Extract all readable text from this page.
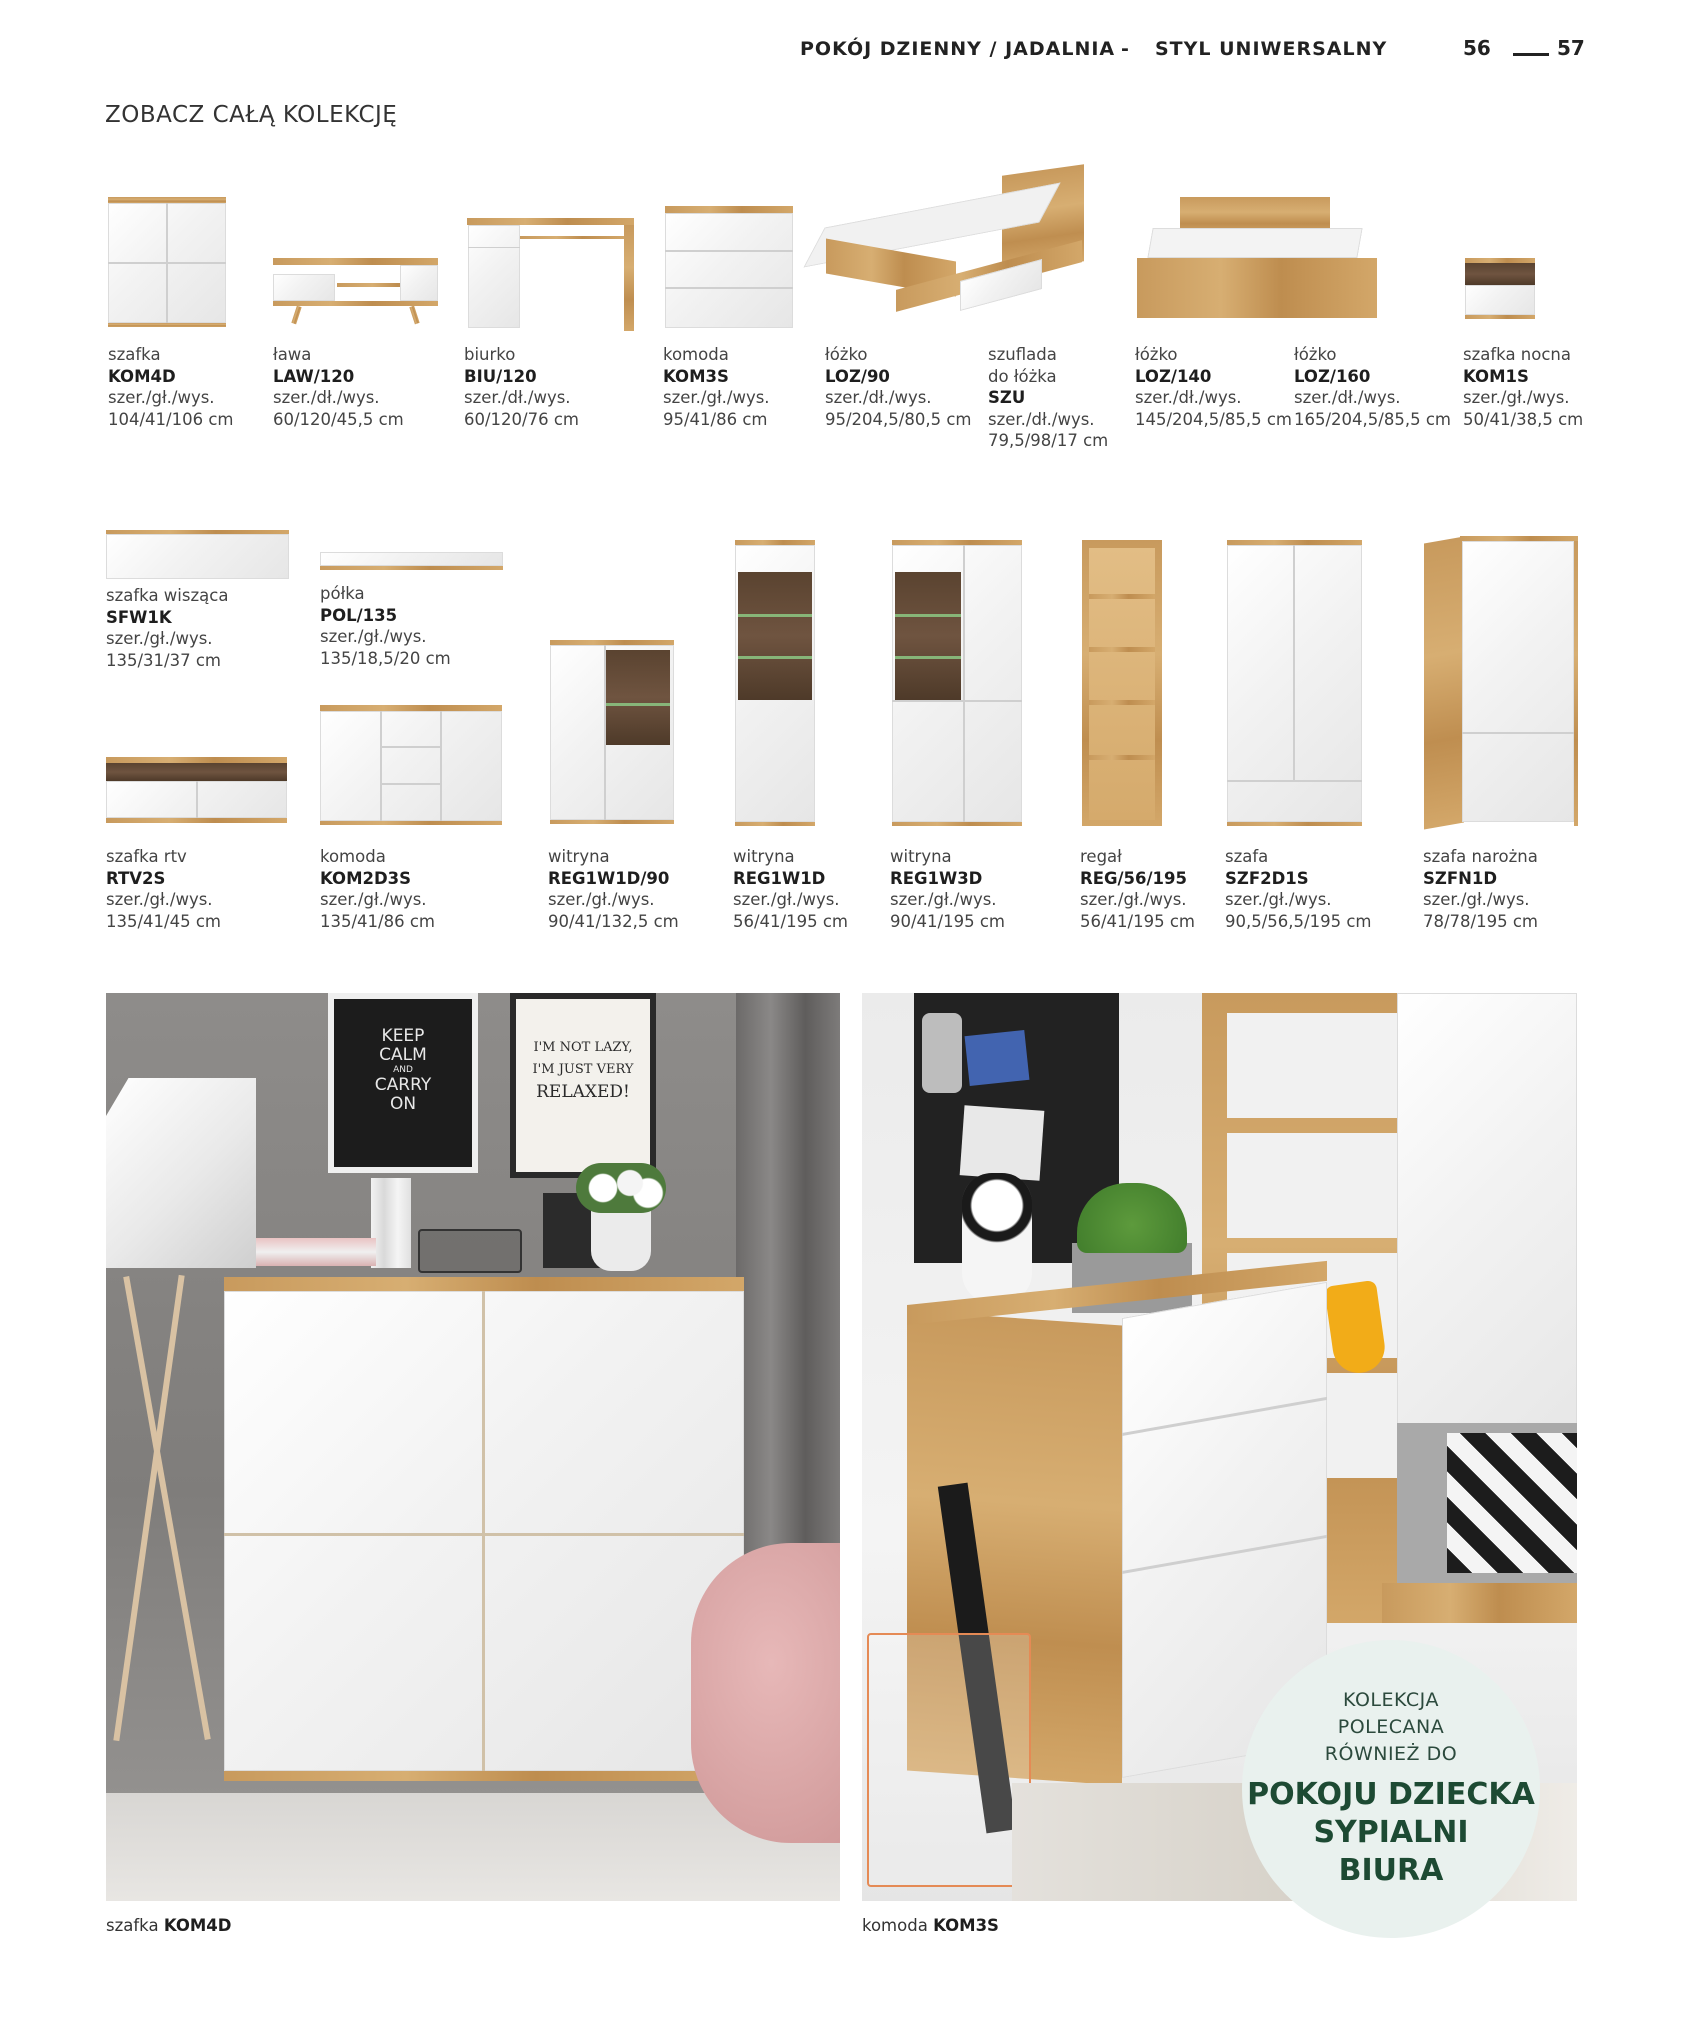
POKÓJ DZIENNY / JADALNIA - STYL UNIWERSALNY	56	57
ZOBACZ CAŁĄ KOLEKCJĘ
szafka
KOM4D
szer./gł./wys.
104/41/106 cm
ława
LAW/120
szer./dł./wys.
60/120/45,5 cm
biurko
BIU/120
szer./dł./wys.
60/120/76 cm
komoda
KOM3S
szer./gł./wys.
95/41/86 cm
łóżko
LOZ/90
szer./dł./wys.
95/204,5/80,5 cm
szuflada
do łóżka
SZU
szer./dł./wys.
79,5/98/17 cm
łóżko
LOZ/140
szer./dł./wys.
145/204,5/85,5 cm
łóżko
LOZ/160
szer./dł./wys.
165/204,5/85,5 cm
szafka nocna
KOM1S
szer./gł./wys.
50/41/38,5 cm
szafka wisząca
SFW1K
szer./gł./wys.
135/31/37 cm
półka
POL/135
szer./gł./wys.
135/18,5/20 cm
szafka rtv
RTV2S
szer./gł./wys.
135/41/45 cm
komoda
KOM2D3S
szer./gł./wys.
135/41/86 cm
witryna
REG1W1D/90
szer./gł./wys.
90/41/132,5 cm
witryna
REG1W1D
szer./gł./wys.
56/41/195 cm
witryna
REG1W3D
szer./gł./wys.
90/41/195 cm
regał
REG/56/195
szer./gł./wys.
56/41/195 cm
szafa
SZF2D1S
szer./gł./wys.
90,5/56,5/195 cm
szafa narożna
SZFN1D
szer./gł./wys.
78/78/195 cm
KEEP
CALM
AND
CARRY
ON
I'M NOT LAZY,
I'M JUST VERY
RELAXED!
szafka KOM4D	komoda KOM3S
KOLEKCJA
POLECANA
RÓWNIEŻ DO
POKOJU DZIECKA
SYPIALNI
BIURA
